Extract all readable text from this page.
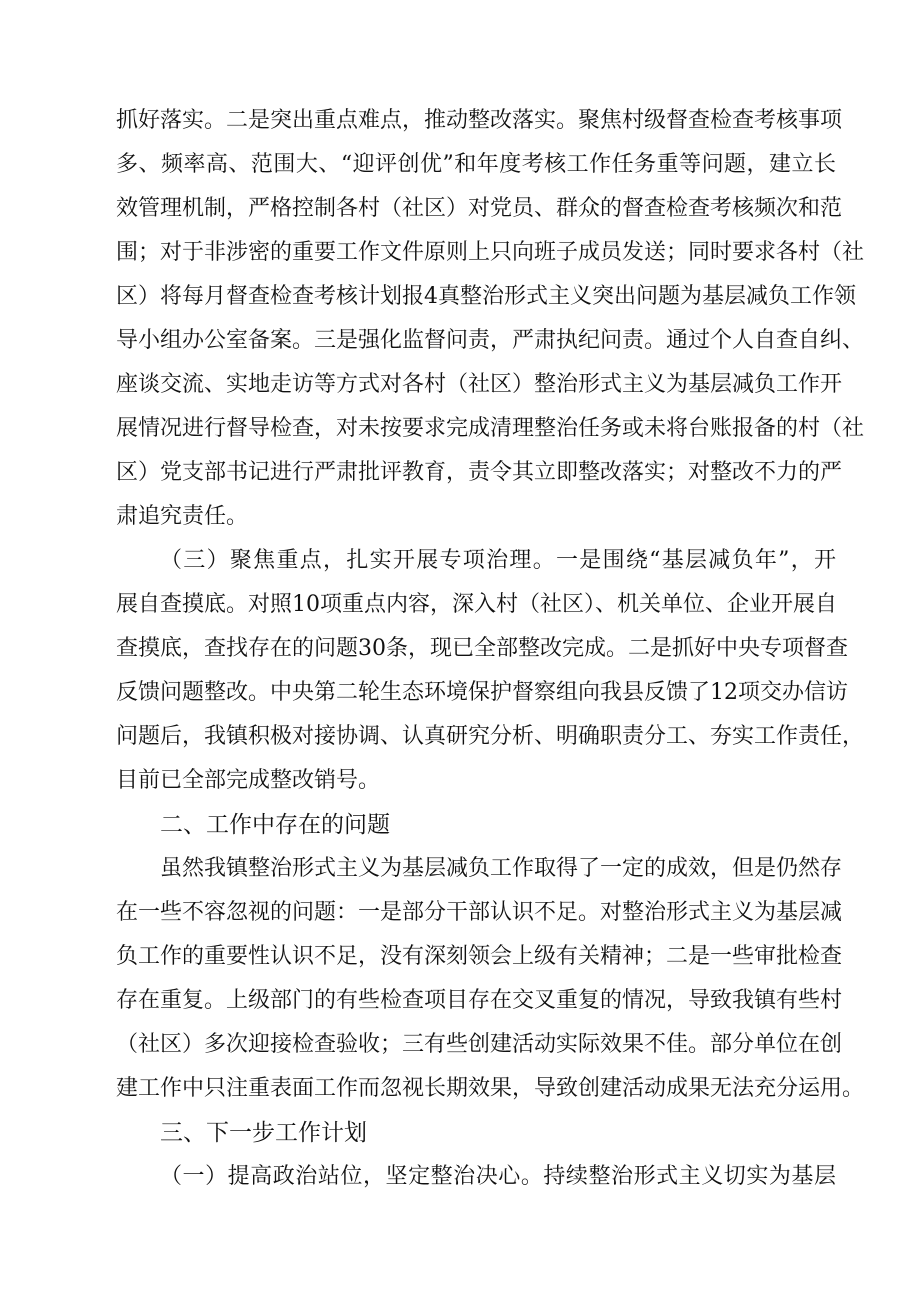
抓好落实。二是突出重点难点，推动整改落实。聚焦村级督查检查考核事项
多、频率高、范围大、“迎评创优”和年度考核工作任务重等问题，建立长
效管理机制，严格控制各村（社区）对党员、群众的督查检查考核频次和范
围；对于非涉密的重要工作文件原则上只向班子成员发送；同时要求各村（社
区）将每月督查检查考核计划报4真整治形式主义突出问题为基层减负工作领
导小组办公室备案。三是强化监督问责，严肃执纪问责。通过个人自查自纠、
座谈交流、实地走访等方式对各村（社区）整治形式主义为基层减负工作开
展情况进行督导检查，对未按要求完成清理整治任务或未将台账报备的村（社
区）党支部书记进行严肃批评教育，责令其立即整改落实；对整改不力的严
肃追究责任。
（三）聚焦重点，扎实开展专项治理。一是围绕“基层减负年”，开
展自查摸底。对照10项重点内容，深入村（社区）、机关单位、企业开展自
查摸底，查找存在的问题30条，现已全部整改完成。二是抓好中央专项督查
反馈问题整改。中央第二轮生态环境保护督察组向我县反馈了12项交办信访
问题后，我镇积极对接协调、认真研究分析、明确职责分工、夯实工作责任，
目前已全部完成整改销号。
二、工作中存在的问题
虽然我镇整治形式主义为基层减负工作取得了一定的成效，但是仍然存
在一些不容忽视的问题：一是部分干部认识不足。对整治形式主义为基层减
负工作的重要性认识不足，没有深刻领会上级有关精神；二是一些审批检查
存在重复。上级部门的有些检查项目存在交叉重复的情况，导致我镇有些村
（社区）多次迎接检查验收；三有些创建活动实际效果不佳。部分单位在创
建工作中只注重表面工作而忽视长期效果，导致创建活动成果无法充分运用。
三、下一步工作计划
（一）提高政治站位，坚定整治决心。持续整治形式主义切实为基层
